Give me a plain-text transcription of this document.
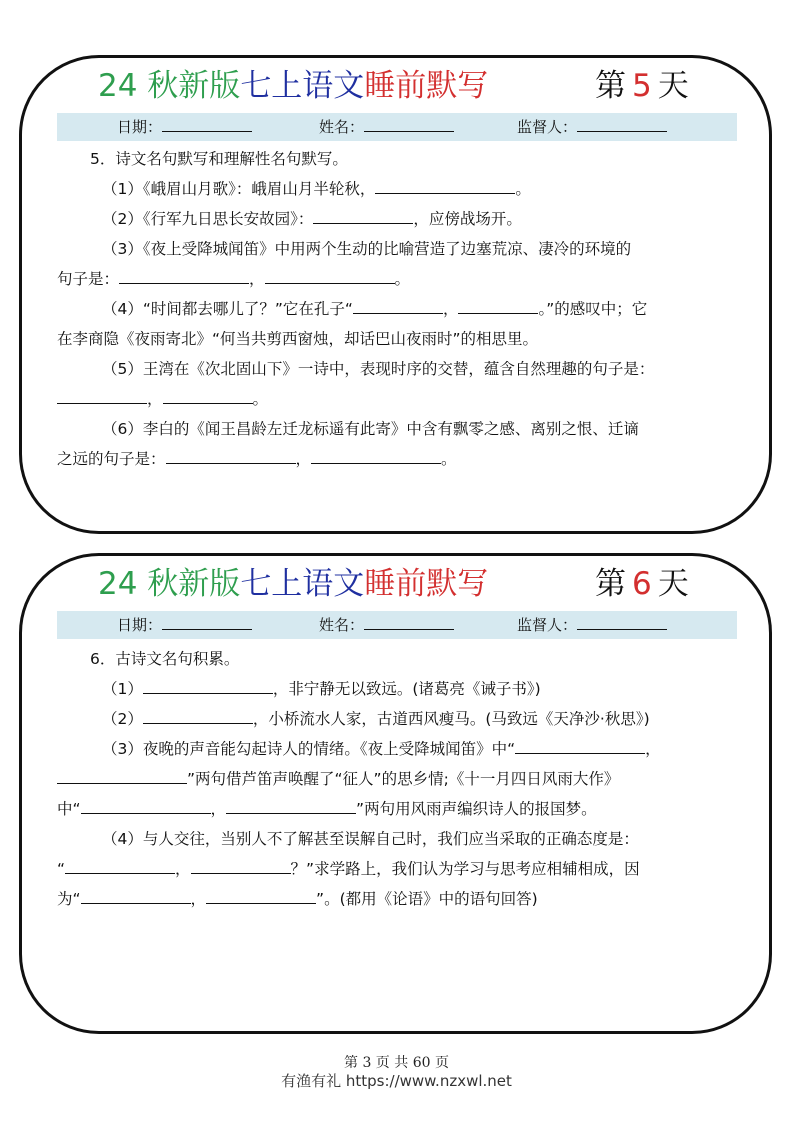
24 秋新版七上语文睡前默写	第 5 天
日期：	姓名：	监督人：

5．诗文名句默写和理解性名句默写。

（1）《峨眉山月歌》：峨眉山月半轮秋，	。

（2）《行军九日思长安故园》：	，应傍战场开。

（3）《夜上受降城闻笛》中用两个生动的比喻营造了边塞荒凉、凄冷的环境的

句子是：	，	。

（4）“时间都去哪儿了？”它在孔子“	，	。”的感叹中；它

在李商隐《夜雨寄北》“何当共剪西窗烛，却话巴山夜雨时”的相思里。

（5）王湾在《次北固山下》一诗中，表现时序的交替，蕴含自然理趣的句子是：

，	。

（6）李白的《闻王昌龄左迁龙标遥有此寄》中含有飘零之感、离别之恨、迁谪

之远的句子是：	，	。

24 秋新版七上语文睡前默写	第 6 天
日期：	姓名：	监督人：

6．古诗文名句积累。

（1）	，非宁静无以致远。(诸葛亮《诫子书》)

（2）	，小桥流水人家，古道西风瘦马。(马致远《天净沙·秋思》)

（3）夜晚的声音能勾起诗人的情绪。《夜上受降城闻笛》中“	，

”两句借芦笛声唤醒了“征人”的思乡情;《十一月四日风雨大作》

中“	，	”两句用风雨声编织诗人的报国梦。

（4）与人交往，当别人不了解甚至误解自己时，我们应当采取的正确态度是：

“	，	？”求学路上，我们认为学习与思考应相辅相成，因

为“	，	”。(都用《论语》中的语句回答)

第 3 页 共 60 页
有渔有礼 https://www.nzxwl.net
